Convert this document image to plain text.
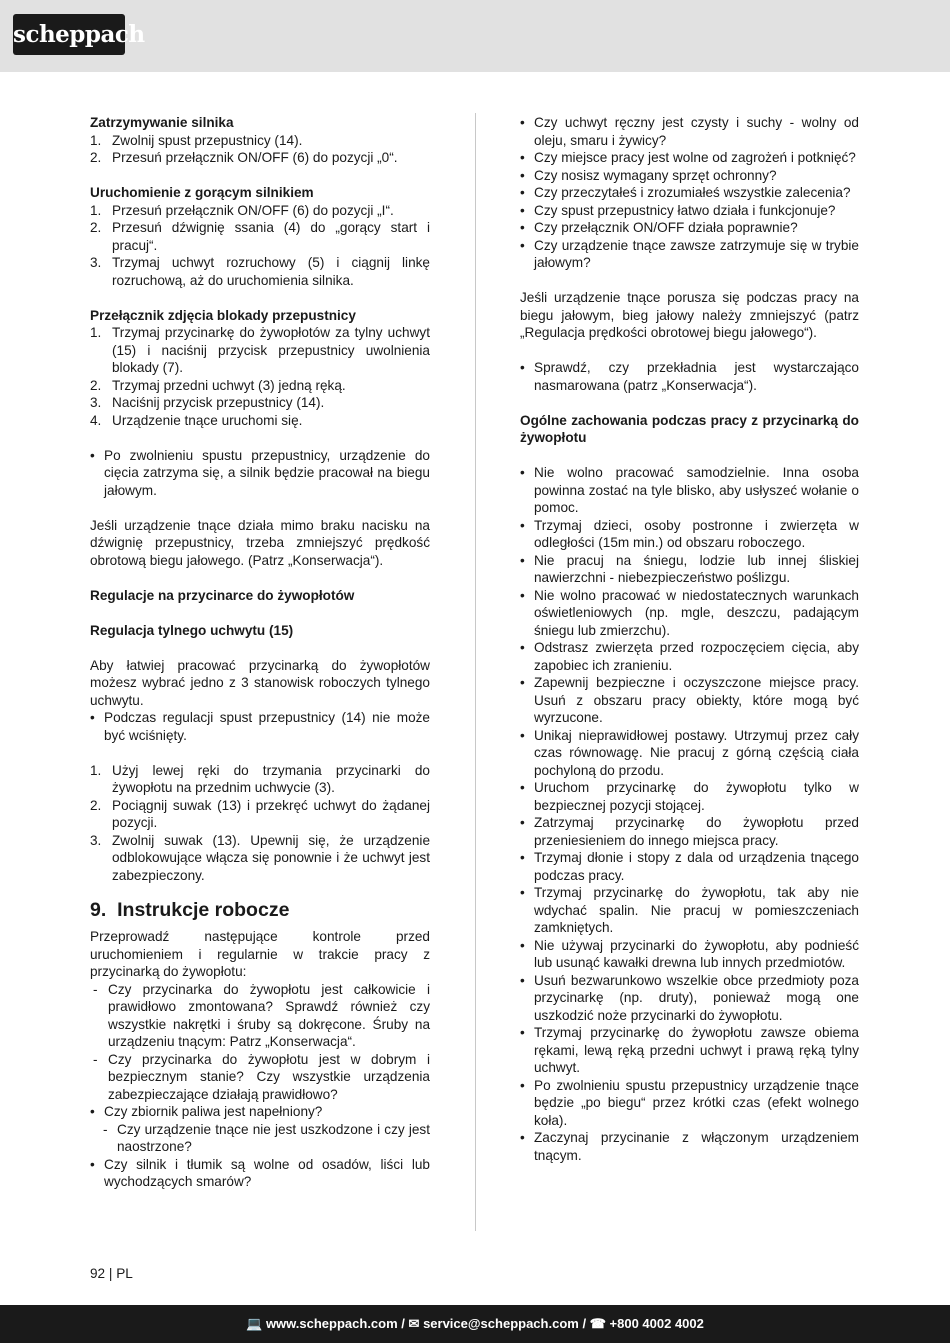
scheppach

Zatrzymywanie silnika

1. Zwolnij spust przepustnicy (14).
2. Przesuń przełącznik ON/OFF (6) do pozycji „0“.

Uruchomienie z gorącym silnikiem

1. Przesuń przełącznik ON/OFF (6) do pozycji „I“.
2. Przesuń dźwignię ssania (4) do „gorący start i pracuj“.
3. Trzymaj uchwyt rozruchowy (5) i ciągnij linkę rozruchową, aż do uruchomienia silnika.

Przełącznik zdjęcia blokady przepustnicy

1. Trzymaj przycinarkę do żywopłotów za tylny uchwyt (15) i naciśnij przycisk przepustnicy uwolnienia blokady (7).
2. Trzymaj przedni uchwyt (3) jedną ręką.
3. Naciśnij przycisk przepustnicy (14).
4. Urządzenie tnące uruchomi się.
• Po zwolnieniu spustu przepustnicy, urządzenie do cięcia zatrzyma się, a silnik będzie pracował na biegu jałowym.

Jeśli urządzenie tnące działa mimo braku nacisku na dźwignię przepustnicy, trzeba zmniejszyć prędkość obrotową biegu jałowego. (Patrz „Konserwacja“).

Regulacje na przycinarce do żywopłotów

Regulacja tylnego uchwytu (15)

Aby łatwiej pracować przycinarką do żywopłotów możesz wybrać jedno z 3 stanowisk roboczych tylnego uchwytu.

• Podczas regulacji spust przepustnicy (14) nie może być wciśnięty.
1. Użyj lewej ręki do trzymania przycinarki do żywopłotu na przednim uchwycie (3).
2. Pociągnij suwak (13) i przekręć uchwyt do żądanej pozycji.
3. Zwolnij suwak (13). Upewnij się, że urządzenie odblokowujące włącza się ponownie i że uchwyt jest zabezpieczony.

9. Instrukcje robocze

Przeprowadź następujące kontrole przed uruchomieniem i regularnie w trakcie pracy z przycinarką do żywopłotu:

- Czy przycinarka do żywopłotu jest całkowicie i prawidłowo zmontowana? Sprawdź również czy wszystkie nakrętki i śruby są dokręcone. Śruby na urządzeniu tnącym: Patrz „Konserwacja“.
- Czy przycinarka do żywopłotu jest w dobrym i bezpiecznym stanie? Czy wszystkie urządzenia zabezpieczające działają prawidłowo?
• Czy zbiornik paliwa jest napełniony?
- Czy urządzenie tnące nie jest uszkodzone i czy jest naostrzone?
• Czy silnik i tłumik są wolne od osadów, liści lub wychodzących smarów?
• Czy uchwyt ręczny jest czysty i suchy - wolny od oleju, smaru i żywicy?
• Czy miejsce pracy jest wolne od zagrożeń i potknięć?
• Czy nosisz wymagany sprzęt ochronny?
• Czy przeczytałeś i zrozumiałeś wszystkie zalecenia?
• Czy spust przepustnicy łatwo działa i funkcjonuje?
• Czy przełącznik ON/OFF działa poprawnie?
• Czy urządzenie tnące zawsze zatrzymuje się w trybie jałowym?

Jeśli urządzenie tnące porusza się podczas pracy na biegu jałowym, bieg jałowy należy zmniejszyć (patrz „Regulacja prędkości obrotowej biegu jałowego“).

• Sprawdź, czy przekładnia jest wystarczająco nasmarowana (patrz „Konserwacja“).

Ogólne zachowania podczas pracy z przycinarką do żywopłotu

• Nie wolno pracować samodzielnie. Inna osoba powinna zostać na tyle blisko, aby usłyszeć wołanie o pomoc.
• Trzymaj dzieci, osoby postronne i zwierzęta w odległości (15m min.) od obszaru roboczego.
• Nie pracuj na śniegu, lodzie lub innej śliskiej nawierzchni - niebezpieczeństwo poślizgu.
• Nie wolno pracować w niedostatecznych warunkach oświetleniowych (np. mgle, deszczu, padającym śniegu lub zmierzchu).
• Odstrasz zwierzęta przed rozpoczęciem cięcia, aby zapobiec ich zranieniu.
• Zapewnij bezpieczne i oczyszczone miejsce pracy. Usuń z obszaru pracy obiekty, które mogą być wyrzucone.
• Unikaj nieprawidłowej postawy. Utrzymuj przez cały czas równowagę. Nie pracuj z górną częścią ciała pochyloną do przodu.
• Uruchom przycinarkę do żywopłotu tylko w bezpiecznej pozycji stojącej.
• Zatrzymaj przycinarkę do żywopłotu przed przeniesieniem do innego miejsca pracy.
• Trzymaj dłonie i stopy z dala od urządzenia tnącego podczas pracy.
• Trzymaj przycinarkę do żywopłotu, tak aby nie wdychać spalin. Nie pracuj w pomieszczeniach zamkniętych.
• Nie używaj przycinarki do żywopłotu, aby podnieść lub usunąć kawałki drewna lub innych przedmiotów.
• Usuń bezwarunkowo wszelkie obce przedmioty poza przycinarkę (np. druty), ponieważ mogą one uszkodzić noże przycinarki do żywopłotu.
• Trzymaj przycinarkę do żywopłotu zawsze obiema rękami, lewą ręką przedni uchwyt i prawą ręką tylny uchwyt.
• Po zwolnieniu spustu przepustnicy urządzenie tnące będzie „po biegu“ przez krótki czas (efekt wolnego koła).
• Zaczynaj przycinanie z włączonym urządzeniem tnącym.
92 | PL
💻 www.scheppach.com / ✉ service@scheppach.com / ☎ +800 4002 4002
